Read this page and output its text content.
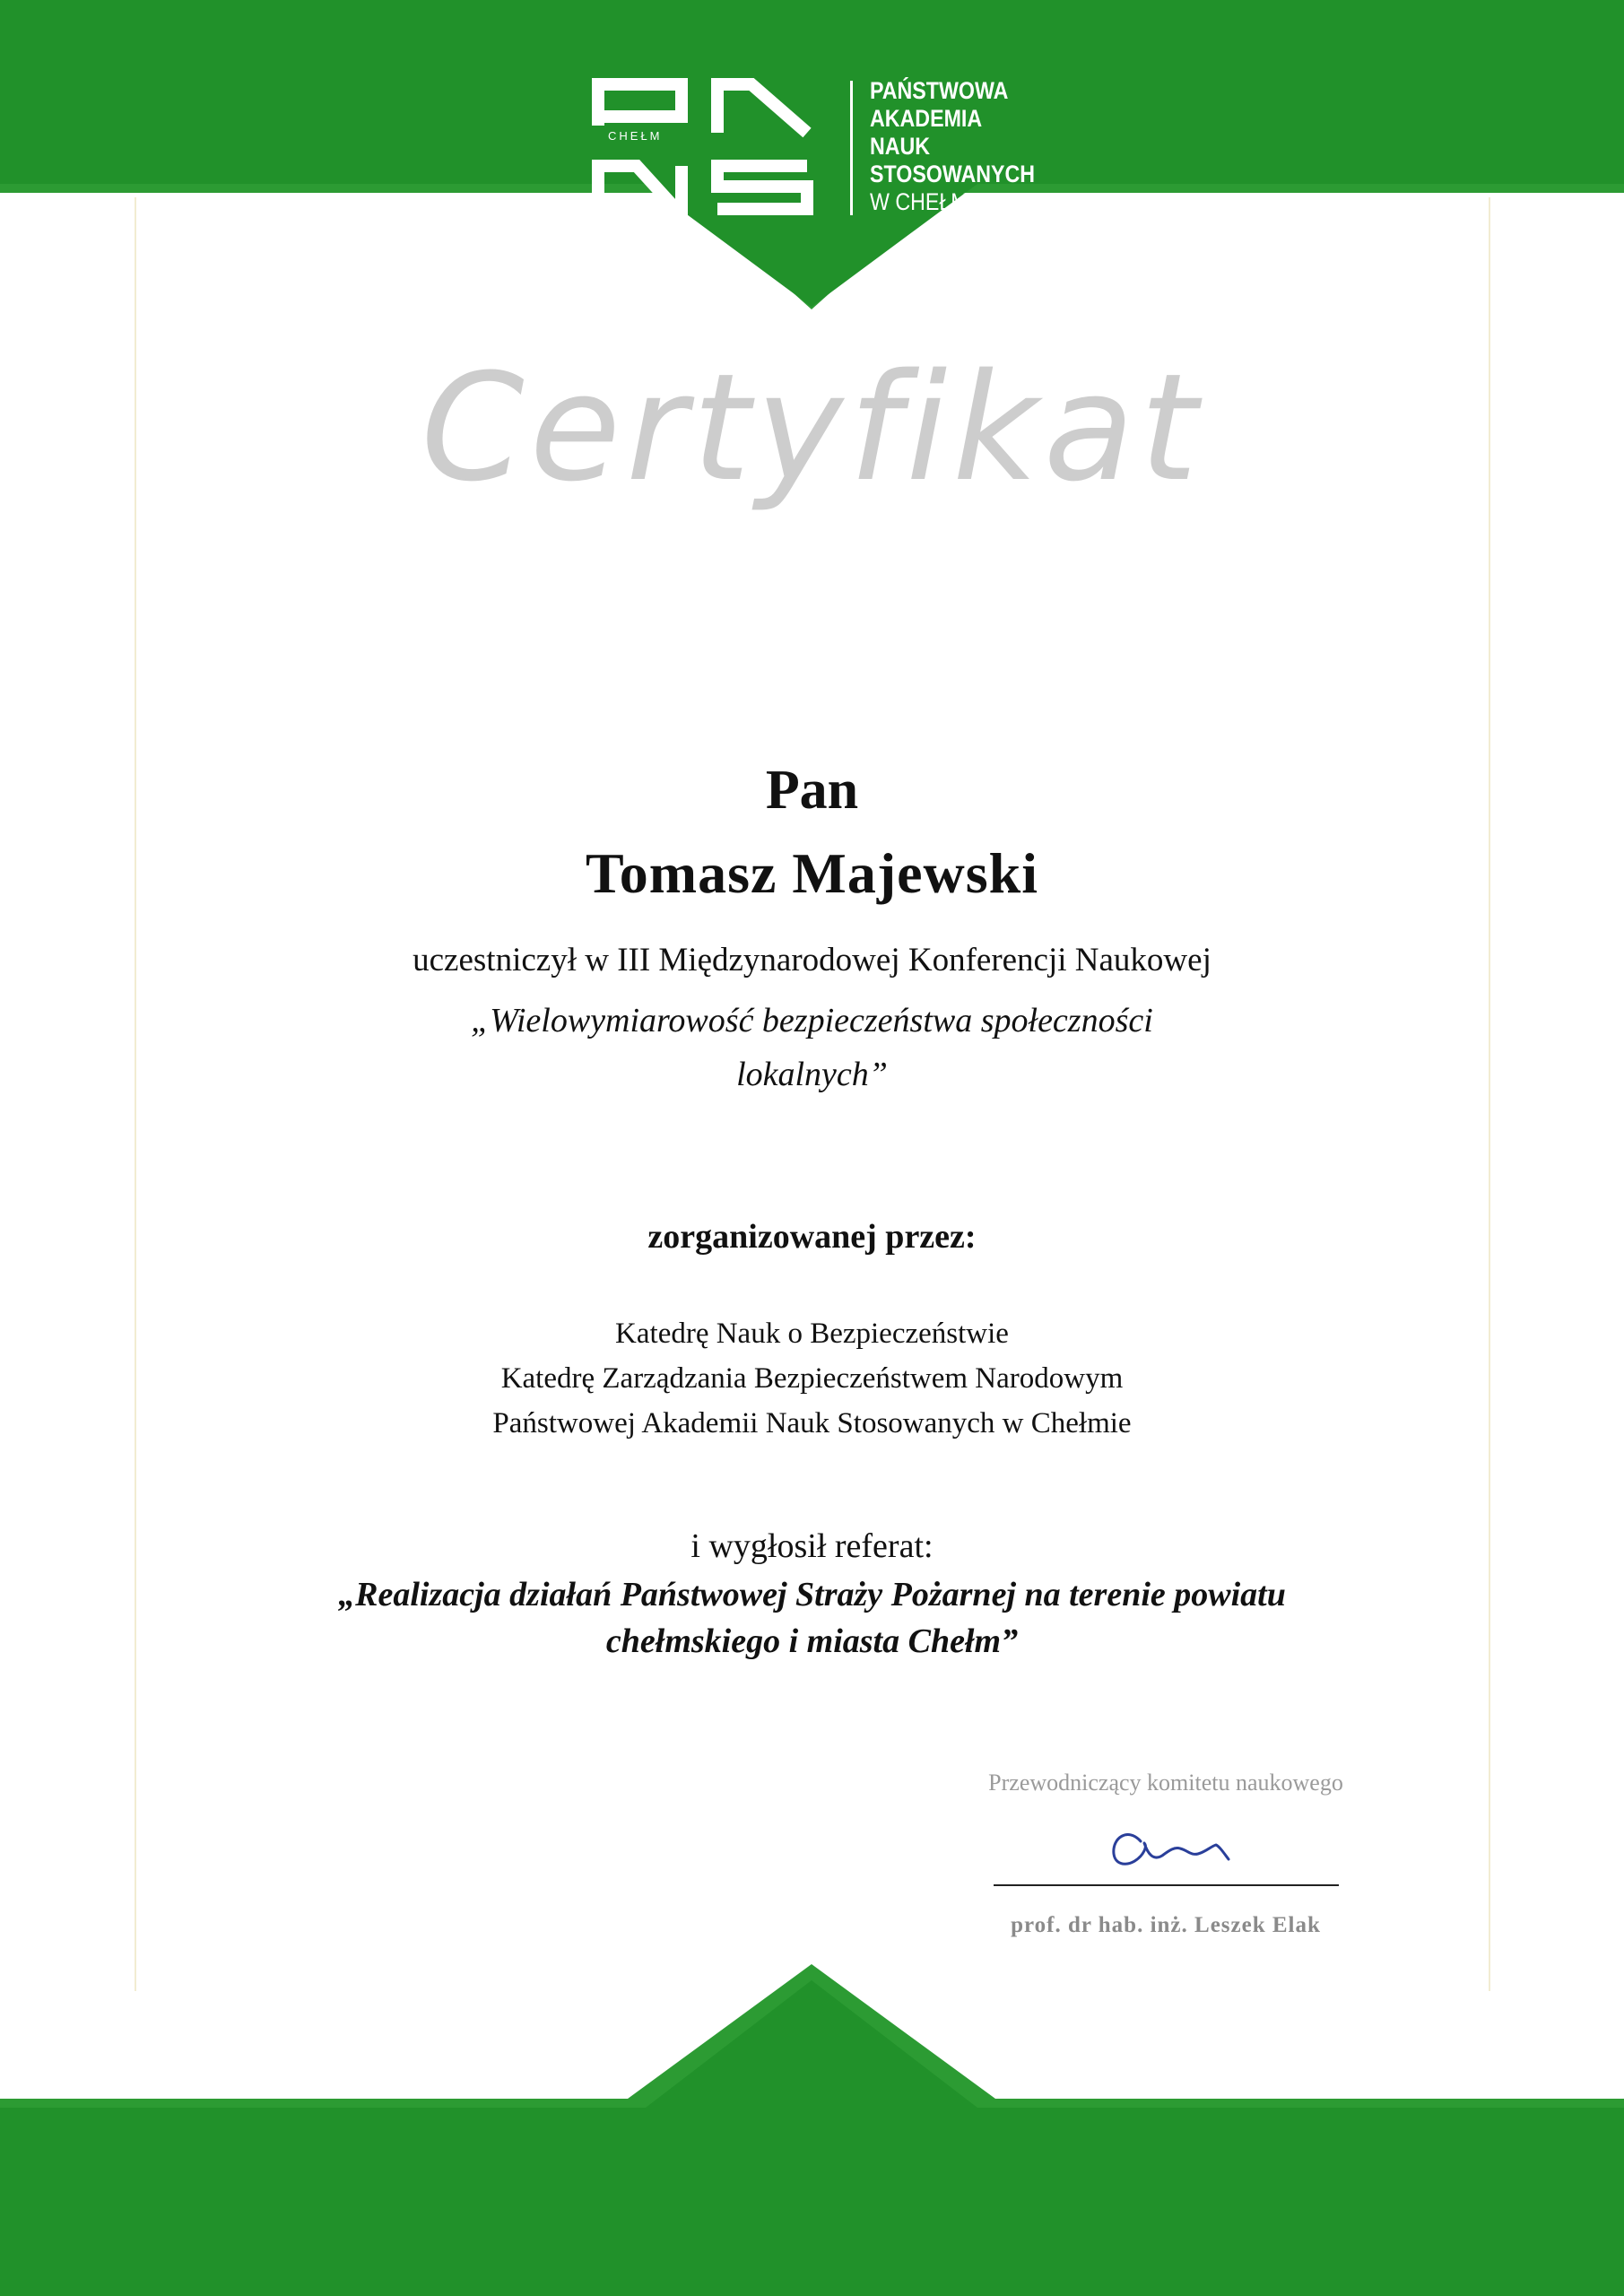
CHEŁM
PAŃSTWOWA
AKADEMIA
NAUK
STOSOWANYCH
W CHEŁMIE
Certyfikat
Pan
Tomasz Majewski
uczestniczył w III Międzynarodowej Konferencji Naukowej
„Wielowymiarowość bezpieczeństwa społeczności
lokalnych”
zorganizowanej przez:
Katedrę Nauk o Bezpieczeństwie
Katedrę Zarządzania Bezpieczeństwem Narodowym
Państwowej Akademii Nauk Stosowanych w Chełmie
i wygłosił referat:
„Realizacja działań Państwowej Straży Pożarnej na terenie powiatu
chełmskiego i miasta Chełm”
Przewodniczący komitetu naukowego
prof. dr hab. inż. Leszek Elak
